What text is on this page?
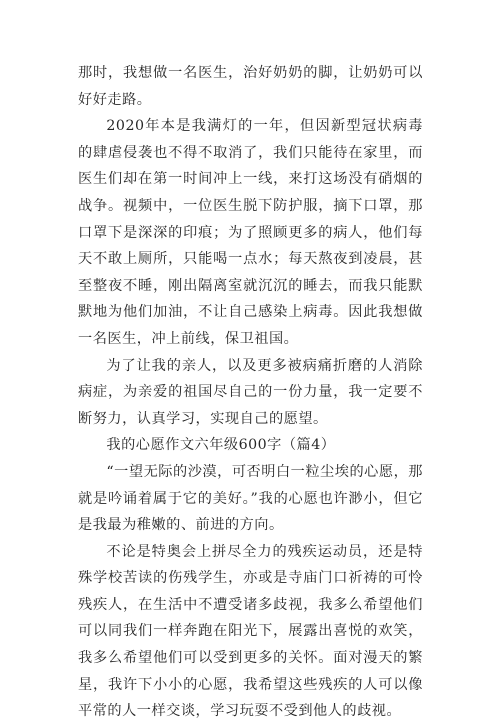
那时，我想做一名医生，治好奶奶的脚，让奶奶可以好好走路。

2020年本是我满灯的一年，但因新型冠状病毒的肆虐侵袭也不得不取消了，我们只能待在家里，而医生们却在第一时间冲上一线，来打这场没有硝烟的战争。视频中，一位医生脱下防护服，摘下口罩，那口罩下是深深的印痕；为了照顾更多的病人，他们每天不敢上厕所，只能喝一点水；每天熬夜到凌晨，甚至整夜不睡，刚出隔离室就沉沉的睡去，而我只能默默地为他们加油，不让自己感染上病毒。因此我想做一名医生，冲上前线，保卫祖国。

为了让我的亲人，以及更多被病痛折磨的人消除病症，为亲爱的祖国尽自己的一份力量，我一定要不断努力，认真学习，实现自己的愿望。

我的心愿作文六年级600字（篇4）

“一望无际的沙漠，可否明白一粒尘埃的心愿，那就是吟诵着属于它的美好。”我的心愿也许渺小，但它是我最为稚嫩的、前进的方向。

不论是特奥会上拼尽全力的残疾运动员，还是特殊学校苦读的伤残学生，亦或是寺庙门口祈祷的可怜残疾人，在生活中不遭受诸多歧视，我多么希望他们可以同我们一样奔跑在阳光下，展露出喜悦的欢笑，我多么希望他们可以受到更多的关怀。面对漫天的繁星，我许下小小的心愿，我希望这些残疾的人可以像平常的人一样交谈，学习玩耍不受到他人的歧视。
